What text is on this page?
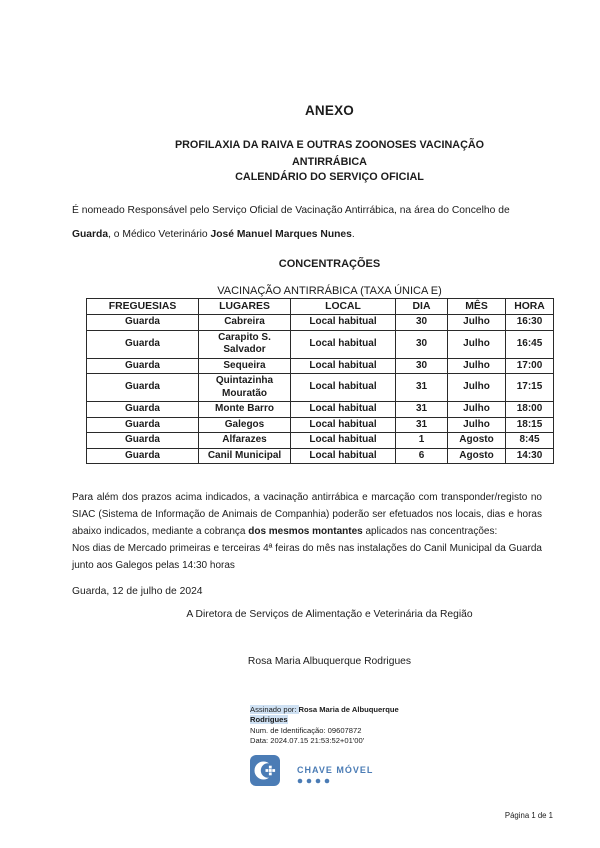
ANEXO
PROFILAXIA DA RAIVA E OUTRAS ZOONOSES VACINAÇÃO
ANTIRRÁBICA
CALENDÁRIO DO SERVIÇO OFICIAL

É nomeado Responsável pelo Serviço Oficial de Vacinação Antirrábica, na área do Concelho de
Guarda, o Médico Veterinário José Manuel Marques Nunes.

CONCENTRAÇÕES
VACINAÇÃO ANTIRRÁBICA (TAXA ÚNICA E)
FREGUESIAS	LUGARES	LOCAL	DIA	MÊS	HORA
Guarda	Cabreira	Local habitual	30	Julho	16:30
Guarda	Carapito S. Salvador	Local habitual	30	Julho	16:45
Guarda	Sequeira	Local habitual	30	Julho	17:00
Guarda	Quintazinha Mouratão	Local habitual	31	Julho	17:15
Guarda	Monte Barro	Local habitual	31	Julho	18:00
Guarda	Galegos	Local habitual	31	Julho	18:15
Guarda	Alfarazes	Local habitual	1	Agosto	8:45
Guarda	Canil Municipal	Local habitual	6	Agosto	14:30

Para além dos prazos acima indicados, a vacinação antirrábica e marcação com transponder/registo no SIAC (Sistema de Informação de Animais de Companhia) poderão ser efetuados nos locais, dias e horas abaixo indicados, mediante a cobrança dos mesmos montantes aplicados nas concentrações:
Nos dias de Mercado primeiras e terceiras 4ª feiras do mês nas instalações do Canil Municipal da Guarda junto aos Galegos pelas 14:30 horas

Guarda, 12 de julho de 2024
A Diretora de Serviços de Alimentação e Veterinária da Região
Rosa Maria Albuquerque Rodrigues
Assinado por: Rosa Maria de Albuquerque
Rodrigues
Num. de Identificação: 09607872
Data: 2024.07.15 21:53:52+01'00'
CHAVE MÓVEL
Página 1 de 1
